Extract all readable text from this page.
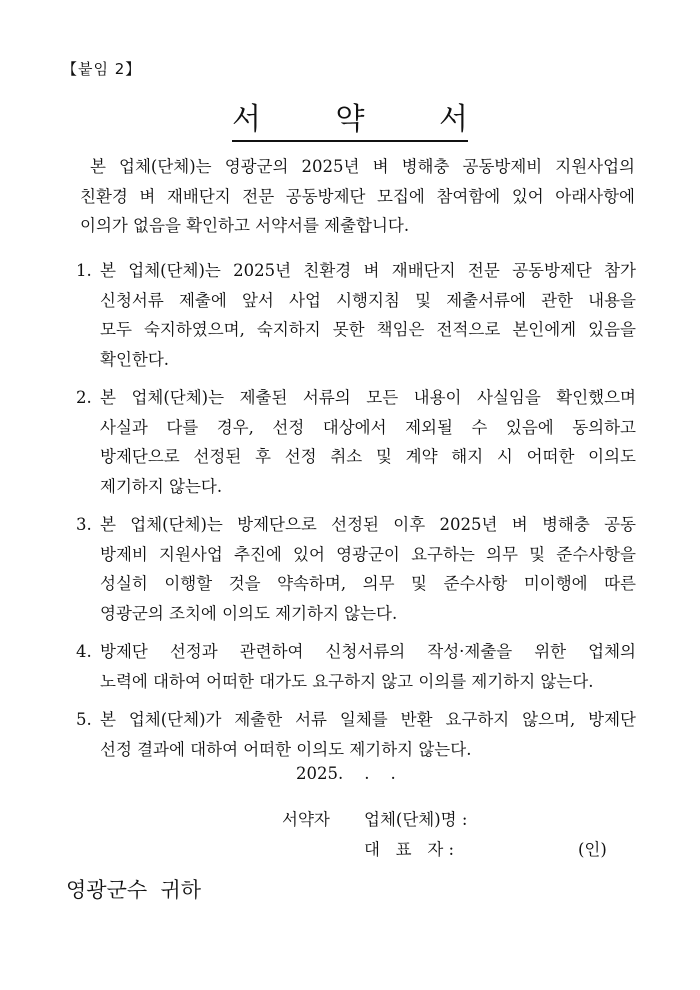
【붙임 2】
서 약 서
본 업체(단체)는 영광군의 2025년 벼 병해충 공동방제비 지원사업의
친환경 벼 재배단지 전문 공동방제단 모집에 참여함에 있어 아래사항에
이의가 없음을 확인하고 서약서를 제출합니다.
1. 본 업체(단체)는 2025년 친환경 벼 재배단지 전문 공동방제단 참가
신청서류 제출에 앞서 사업 시행지침 및 제출서류에 관한 내용을
모두 숙지하였으며, 숙지하지 못한 책임은 전적으로 본인에게 있음을
확인한다.
2. 본 업체(단체)는 제출된 서류의 모든 내용이 사실임을 확인했으며
사실과 다를 경우, 선정 대상에서 제외될 수 있음에 동의하고
방제단으로 선정된 후 선정 취소 및 계약 해지 시 어떠한 이의도
제기하지 않는다.
3. 본 업체(단체)는 방제단으로 선정된 이후 2025년 벼 병해충 공동
방제비 지원사업 추진에 있어 영광군이 요구하는 의무 및 준수사항을
성실히 이행할 것을 약속하며, 의무 및 준수사항 미이행에 따른
영광군의 조치에 이의도 제기하지 않는다.
4. 방제단 선정과 관련하여 신청서류의 작성·제출을 위한 업체의
노력에 대하여 어떠한 대가도 요구하지 않고 이의를 제기하지 않는다.
5. 본 업체(단체)가 제출한 서류 일체를 반환 요구하지 않으며, 방제단
선정 결과에 대하여 어떠한 이의도 제기하지 않는다.
2025.    .    .
서약자 업체(단체)명 :
대   표   자 :	(인)
영광군수  귀하
